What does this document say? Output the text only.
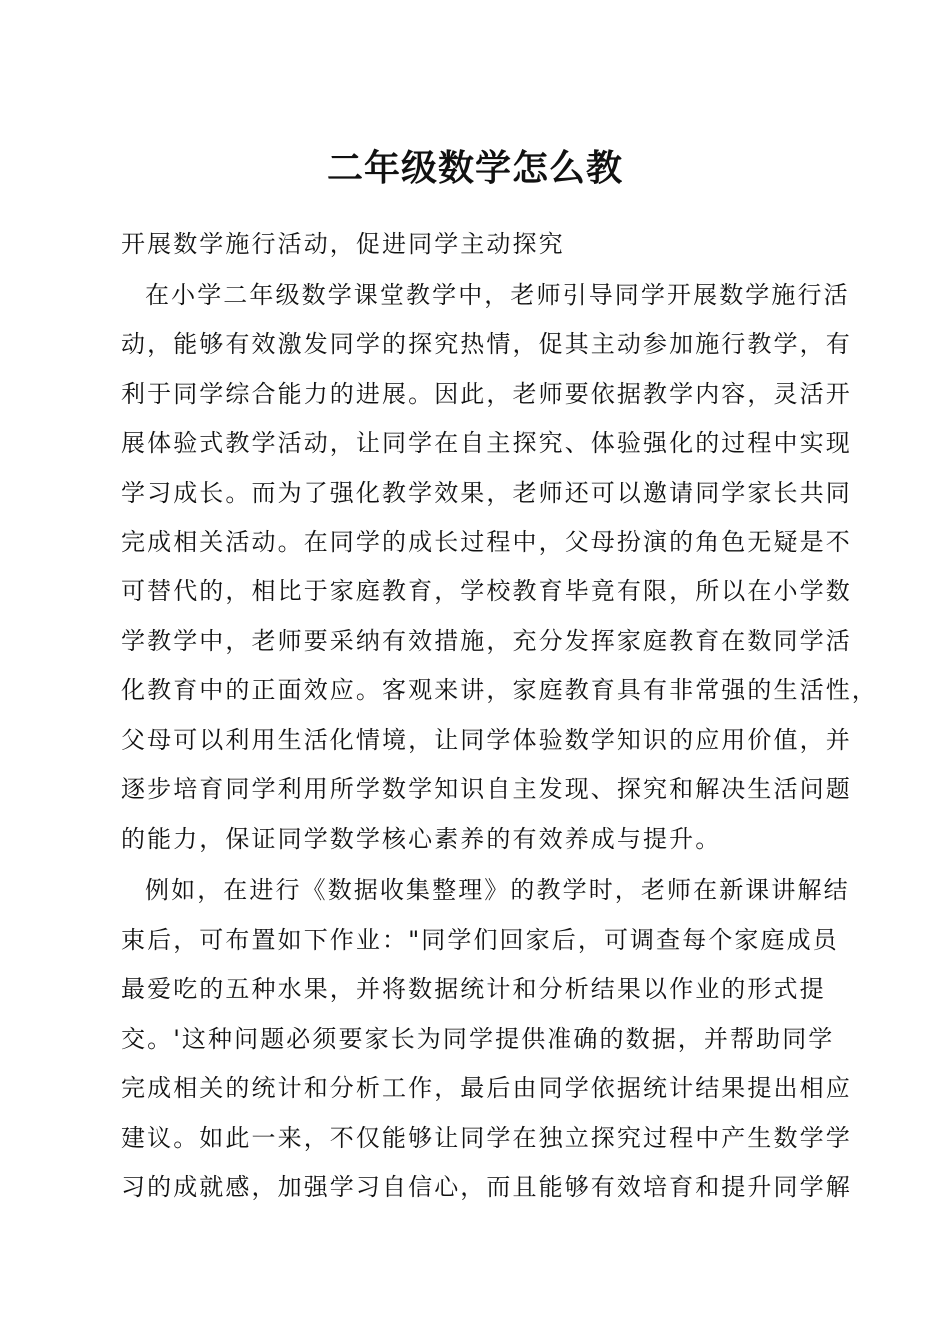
二年级数学怎么教
开展数学施行活动，促进同学主动探究
在小学二年级数学课堂教学中，老师引导同学开展数学施行活
动，能够有效激发同学的探究热情，促其主动参加施行教学，有
利于同学综合能力的进展。因此，老师要依据教学内容，灵活开
展体验式教学活动，让同学在自主探究、体验强化的过程中实现
学习成长。而为了强化教学效果，老师还可以邀请同学家长共同
完成相关活动。在同学的成长过程中，父母扮演的角色无疑是不
可替代的，相比于家庭教育，学校教育毕竟有限，所以在小学数
学教学中，老师要采纳有效措施，充分发挥家庭教育在数同学活
化教育中的正面效应。客观来讲，家庭教育具有非常强的生活性，
父母可以利用生活化情境，让同学体验数学知识的应用价值，并
逐步培育同学利用所学数学知识自主发现、探究和解决生活问题
的能力，保证同学数学核心素养的有效养成与提升。
例如，在进行《数据收集整理》的教学时，老师在新课讲解结
束后，可布置如下作业："同学们回家后，可调查每个家庭成员
最爱吃的五种水果，并将数据统计和分析结果以作业的形式提
交。'这种问题必须要家长为同学提供准确的数据，并帮助同学
完成相关的统计和分析工作，最后由同学依据统计结果提出相应
建议。如此一来，不仅能够让同学在独立探究过程中产生数学学
习的成就感，加强学习自信心，而且能够有效培育和提升同学解
